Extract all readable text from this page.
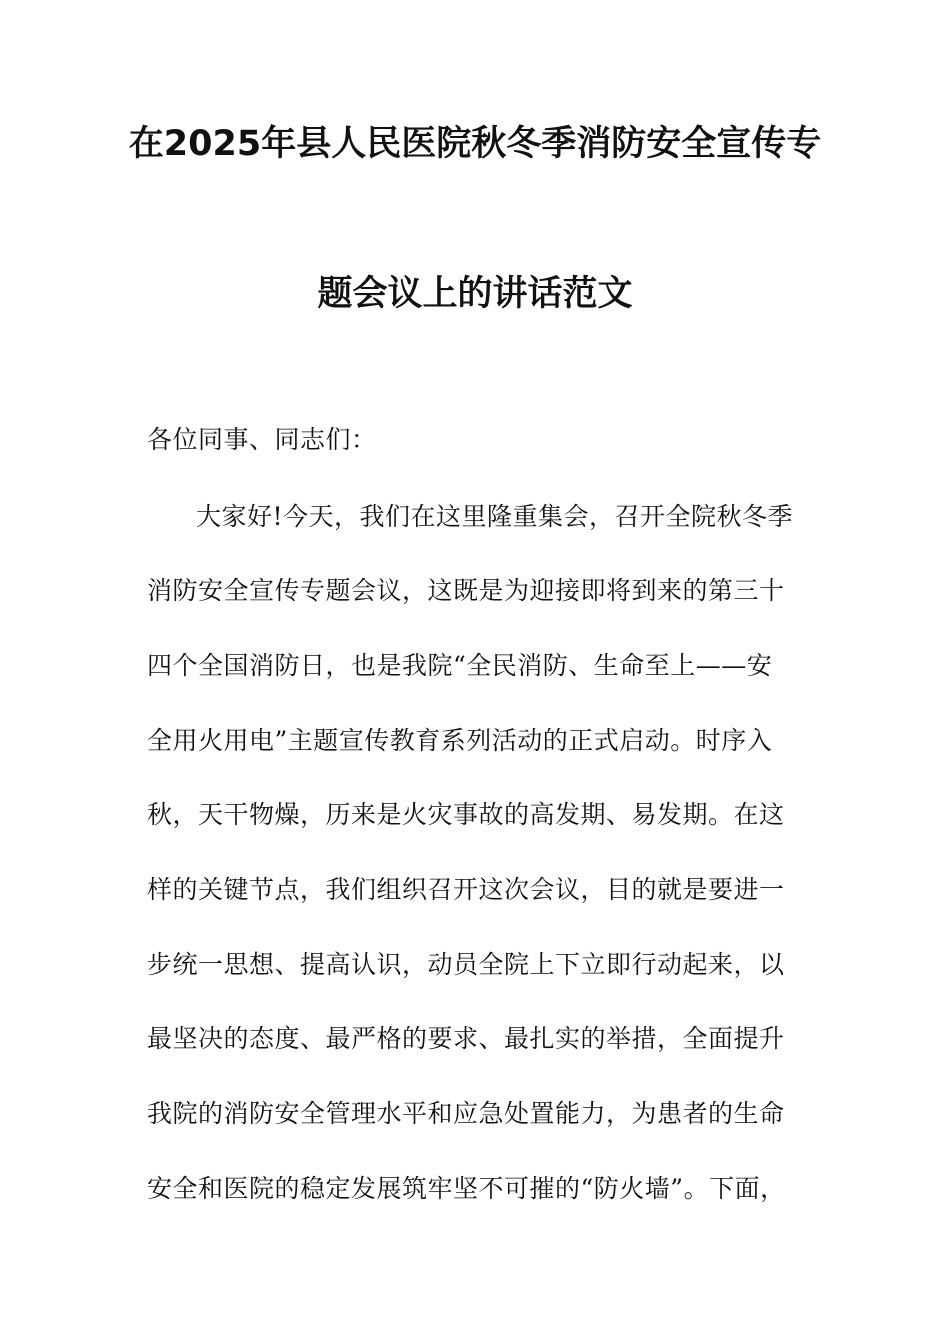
在2025年县人民医院秋冬季消防安全宣传专
题会议上的讲话范文
各位同事、同志们：
大家好!今天，我们在这里隆重集会，召开全院秋冬季
消防安全宣传专题会议，这既是为迎接即将到来的第三十
四个全国消防日，也是我院“全民消防、生命至上——安
全用火用电”主题宣传教育系列活动的正式启动。时序入
秋，天干物燥，历来是火灾事故的高发期、易发期。在这
样的关键节点，我们组织召开这次会议，目的就是要进一
步统一思想、提高认识，动员全院上下立即行动起来，以
最坚决的态度、最严格的要求、最扎实的举措，全面提升
我院的消防安全管理水平和应急处置能力，为患者的生命
安全和医院的稳定发展筑牢坚不可摧的“防火墙”。下面，
